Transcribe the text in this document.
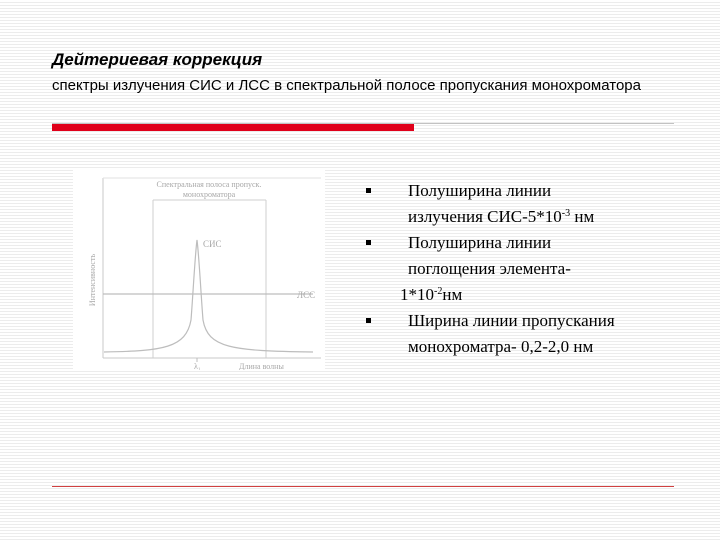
Дейтериевая коррекция
спектры излучения СИС и ЛСС в спектральной полосе пропускания монохроматора
Спектральная полоса пропуск.
монохроматора
СИС
ЛСС
λ₁	Длина волны
Интенсивность
Полуширина линии
излучения СИС-$5*10^{-3}$ нм
Полуширина линии
поглощения элемента-
$1*10^{-2}нм$
Ширина линии пропускания
монохроматра- 0,2-2,0 нм
